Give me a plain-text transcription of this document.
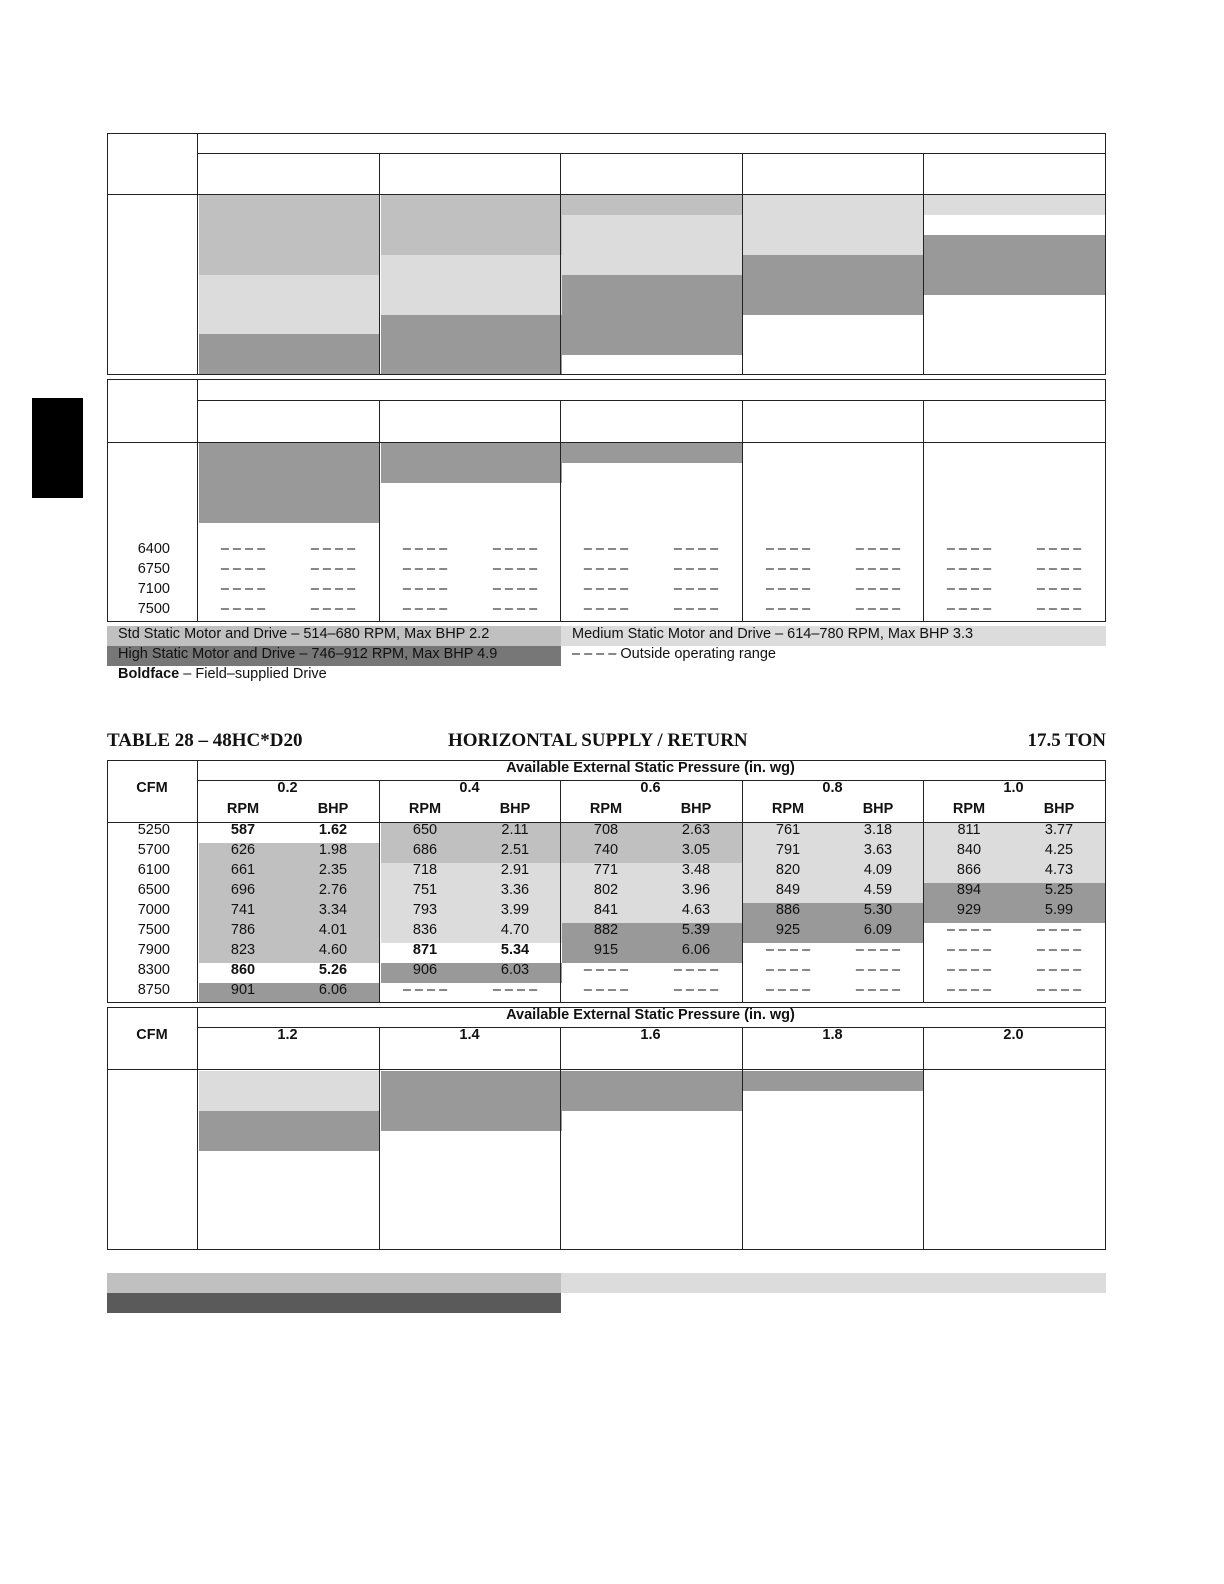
6400	– – – –	– – – –	– – – –	– – – –	– – – –	– – – –	– – – –	– – – –	– – – –	– – – –
6750	– – – –	– – – –	– – – –	– – – –	– – – –	– – – –	– – – –	– – – –	– – – –	– – – –
7100	– – – –	– – – –	– – – –	– – – –	– – – –	– – – –	– – – –	– – – –	– – – –	– – – –
7500	– – – –	– – – –	– – – –	– – – –	– – – –	– – – –	– – – –	– – – –	– – – –	– – – –
Std Static Motor and Drive – 514–680 RPM, Max BHP 2.2	Medium Static Motor and Drive – 614–780 RPM, Max BHP 3.3
High Static Motor and Drive – 746–912 RPM, Max BHP 4.9	– – – – Outside operating range
Boldface – Field–supplied Drive
TABLE 28 – 48HC*D20	HORIZONTAL SUPPLY / RETURN	17.5 TON
CFM
Available External Static Pressure (in. wg)
0.2
RPM	BHP
0.4
RPM	BHP
0.6
RPM	BHP
0.8
RPM	BHP
1.0
RPM	BHP
5250	587	1.62	650	2.11	708	2.63	761	3.18	811	3.77
5700	626	1.98	686	2.51	740	3.05	791	3.63	840	4.25
6100	661	2.35	718	2.91	771	3.48	820	4.09	866	4.73
6500	696	2.76	751	3.36	802	3.96	849	4.59	894	5.25
7000	741	3.34	793	3.99	841	4.63	886	5.30	929	5.99
7500	786	4.01	836	4.70	882	5.39	925	6.09	– – – –	– – – –
7900	823	4.60	871	5.34	915	6.06	– – – –	– – – –	– – – –	– – – –
8300	860	5.26	906	6.03	– – – –	– – – –	– – – –	– – – –	– – – –	– – – –
8750	901	6.06	– – – –	– – – –	– – – –	– – – –	– – – –	– – – –	– – – –	– – – –
CFM
Available External Static Pressure (in. wg)
1.2	1.4	1.6	1.8	2.0
